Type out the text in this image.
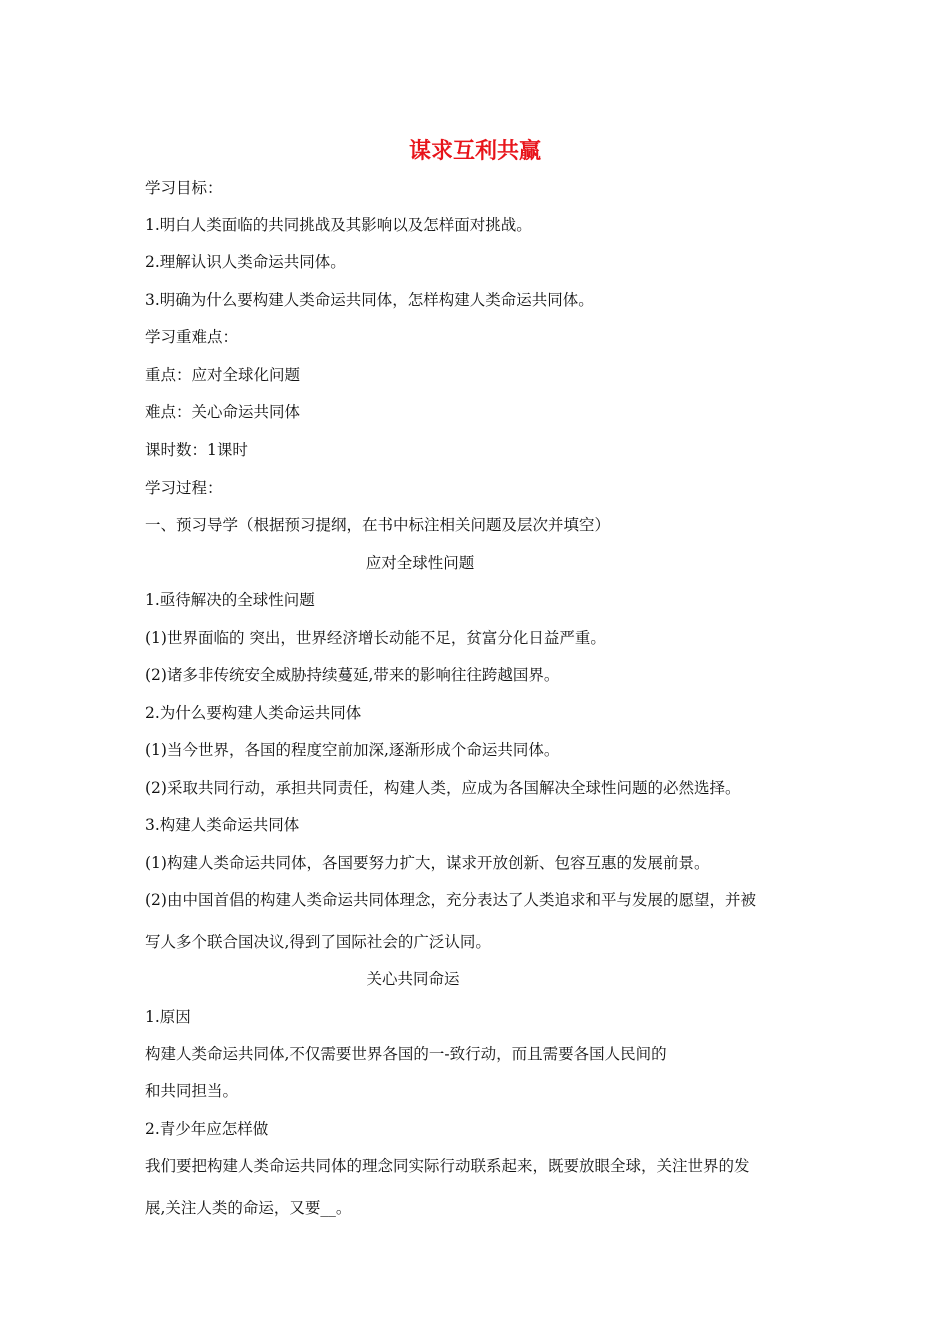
谋求互利共赢
学习目标：
1.明白人类面临的共同挑战及其影响以及怎样面对挑战。
2.理解认识人类命运共同体。
3.明确为什么要构建人类命运共同体，怎样构建人类命运共同体。
学习重难点：
重点：应对全球化问题
难点：关心命运共同体
课时数：1课时
学习过程：
一、预习导学（根据预习提纲，在书中标注相关问题及层次并填空）
应对全球性问题
1.亟待解决的全球性问题
(1)世界面临的 突出，世界经济增长动能不足，贫富分化日益严重。
(2)诸多非传统安全威胁持续蔓延,带来的影响往往跨越国界。
2.为什么要构建人类命运共同体
(1)当今世界，各国的程度空前加深,逐渐形成个命运共同体。
(2)采取共同行动，承担共同责任，构建人类，应成为各国解决全球性问题的必然选择。
3.构建人类命运共同体
(1)构建人类命运共同体，各国要努力扩大，谋求开放创新、包容互惠的发展前景。
(2)由中国首倡的构建人类命运共同体理念，充分表达了人类追求和平与发展的愿望，并被
写人多个联合国决议,得到了国际社会的广泛认同。
关心共同命运
1.原因
构建人类命运共同体,不仅需要世界各国的一-致行动，而且需要各国人民间的
和共同担当。
2.青少年应怎样做
我们要把构建人类命运共同体的理念同实际行动联系起来，既要放眼全球，关注世界的发
展,关注人类的命运，又要__。
